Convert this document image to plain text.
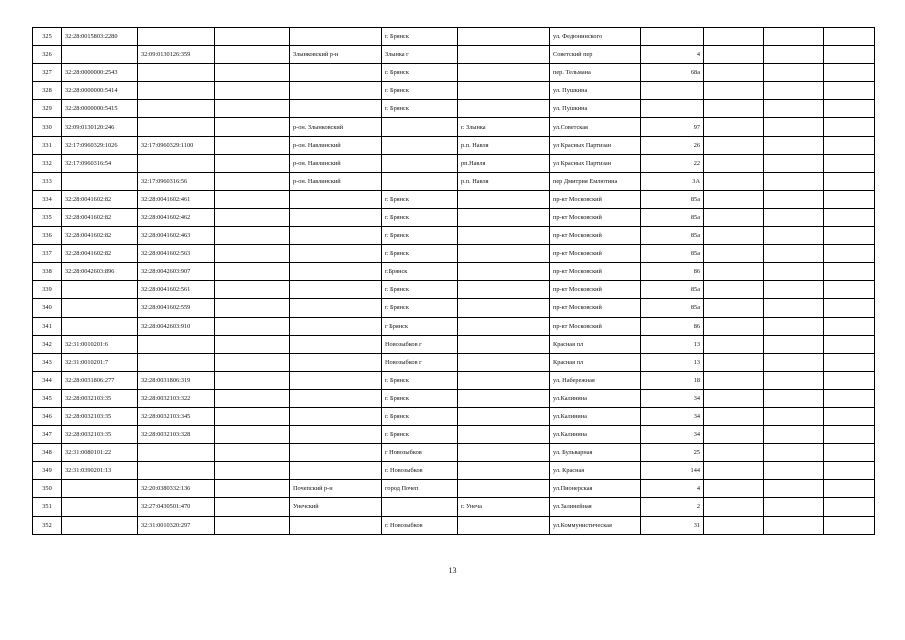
325	32:28:0015803:2280				г. Брянск		ул. Федюнинского				
326		32:09:0130126:359		Злынковский р-н	Злынка г		Советский пер	4			
327	32:28:0000000:2543				г. Брянск		пер. Тельмана	68а			
328	32:28:0000000:5414				г. Брянск		ул. Пушкина				
329	32:28:0000000:5415				г. Брянск		ул. Пушкина				
330	32:09:0130120:246			р-он. Злынковский		г. Злынка	ул.Советская	97			
331	32:17:0960329:1026	32:17:0960329:1100		р-он. Навлинский		р.п. Навля	ул Красных Партизан	26			
332	32:17:0960316:54			р-он. Навлинский		рп.Навля	ул Красных Партизан	22			
333		32:17:0960316:56		р-он. Навлинский		р.п. Навля	пер Дмитрия Емлютина	3А			
334	32:28:0041602:82	32:28:0041602:461			г. Брянск		пр-кт Московский	85а			
335	32:28:0041602:82	32:28:0041602:462			г. Брянск		пр-кт Московский	85а			
336	32:28:0041602:82	32:28:0041602:463			г. Брянск		пр-кт Московский	85а			
337	32:28:0041602:82	32:28:0041602:563			г. Брянск		пр-кт Московский	85а			
338	32:28:0042603:896	32:28:0042603:907			г.Брянск		пр-кт Московский	86			
339		32:28:0041602:561			г. Брянск		пр-кт Московский	85а			
340		32:28:0041602:559			г. Брянск		пр-кт Московский	85а			
341		32:28:0042603:910			г Брянск		пр-кт Московский	86			
342	32:31:0010201:6				Новозыбков г		Красная пл	13			
343	32:31:0010201:7				Новозыбков г		Красная пл	13			
344	32:28:0031806:277	32:28:0031806:319			г. Брянск		ул. Набережная	18			
345	32:28:0032103:35	32:28:0032103:322			г. Брянск		ул.Калинина	34			
346	32:28:0032103:35	32:28:0032103:345			г. Брянск		ул.Калинина	34			
347	32:28:0032103:35	32:28:0032103:328			г. Брянск		ул.Калинина	34			
348	32:31:0080101:22				г Новозыбков		ул. Бульварная	25			
349	32:31:0390201:13				г. Новозыбков		ул. Красная	144			
350		32:20:0380332:136		Почепский р-н	город Почеп		ул.Пионерская	4			
351		32:27:0430501:470		Унечский		г. Унеча	ул.Залинейная	2			
352		32:31:0010320:297			г. Новозыбков		ул.Коммунистическая	31			
13
